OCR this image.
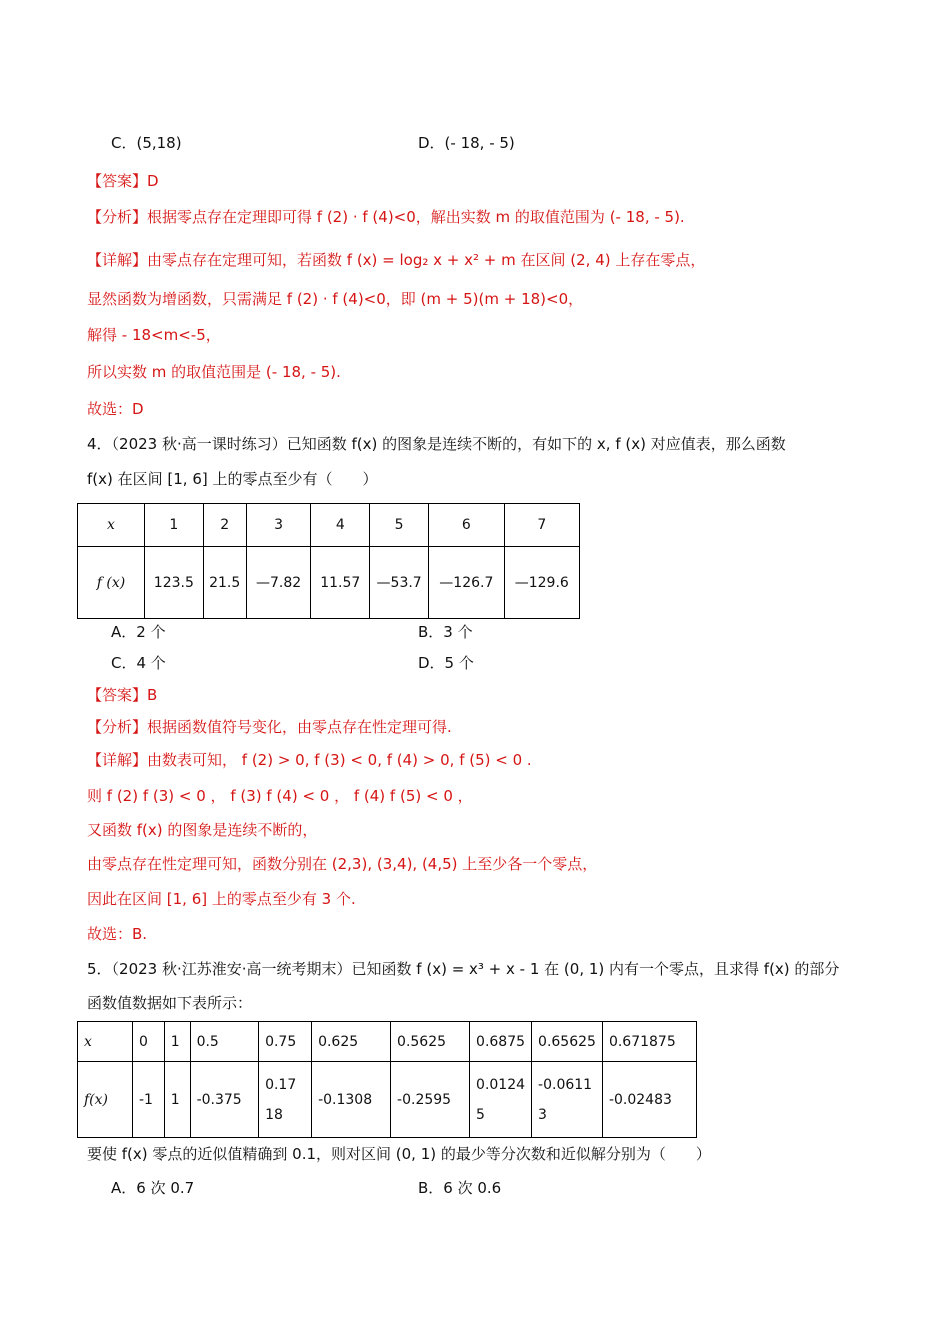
C．(5,18)	D．(- 18, - 5)
【答案】D
【分析】根据零点存在定理即可得 f (2) · f (4)<0，解出实数 m 的取值范围为 (- 18, - 5).
【详解】由零点存在定理可知，若函数 f (x) = log₂ x + x² + m 在区间 (2, 4) 上存在零点，
显然函数为增函数，只需满足 f (2) · f (4)<0，即 (m + 5)(m + 18)<0，
解得 - 18<m<-5，
所以实数 m 的取值范围是 (- 18, - 5).
故选：D
4．（2023 秋·高一课时练习）已知函数 f(x) 的图象是连续不断的，有如下的 x, f (x) 对应值表，那么函数
f(x) 在区间 [1, 6] 上的零点至少有（　　）
x	1	2	3	4	5	6	7
f (x)	123.5	21.5	—7.82	11.57	—53.7	—126.7	—129.6
A．2 个	B．3 个
C．4 个	D．5 个
【答案】B
【分析】根据函数值符号变化，由零点存在性定理可得.
【详解】由数表可知， f (2) > 0, f (3) < 0, f (4) > 0, f (5) < 0 .
则 f (2) f (3) < 0 ， f (3) f (4) < 0 ， f (4) f (5) < 0 ，
又函数 f(x) 的图象是连续不断的，
由零点存在性定理可知，函数分别在 (2,3), (3,4), (4,5) 上至少各一个零点，
因此在区间 [1, 6] 上的零点至少有 3 个.
故选：B.
5．（2023 秋·江苏淮安·高一统考期末）已知函数 f (x) = x³ + x - 1 在 (0, 1) 内有一个零点，且求得 f(x) 的部分
函数值数据如下表所示：
x	0	1	0.5	0.75	0.625	0.5625	0.6875	0.65625	0.671875
f(x)	-1	1	-0.375	0.1718	-0.1308	-0.2595	0.01245	-0.06113	-0.02483
要使 f(x) 零点的近似值精确到 0.1，则对区间 (0, 1) 的最少等分次数和近似解分别为（　　）
A．6 次 0.7	B．6 次 0.6
